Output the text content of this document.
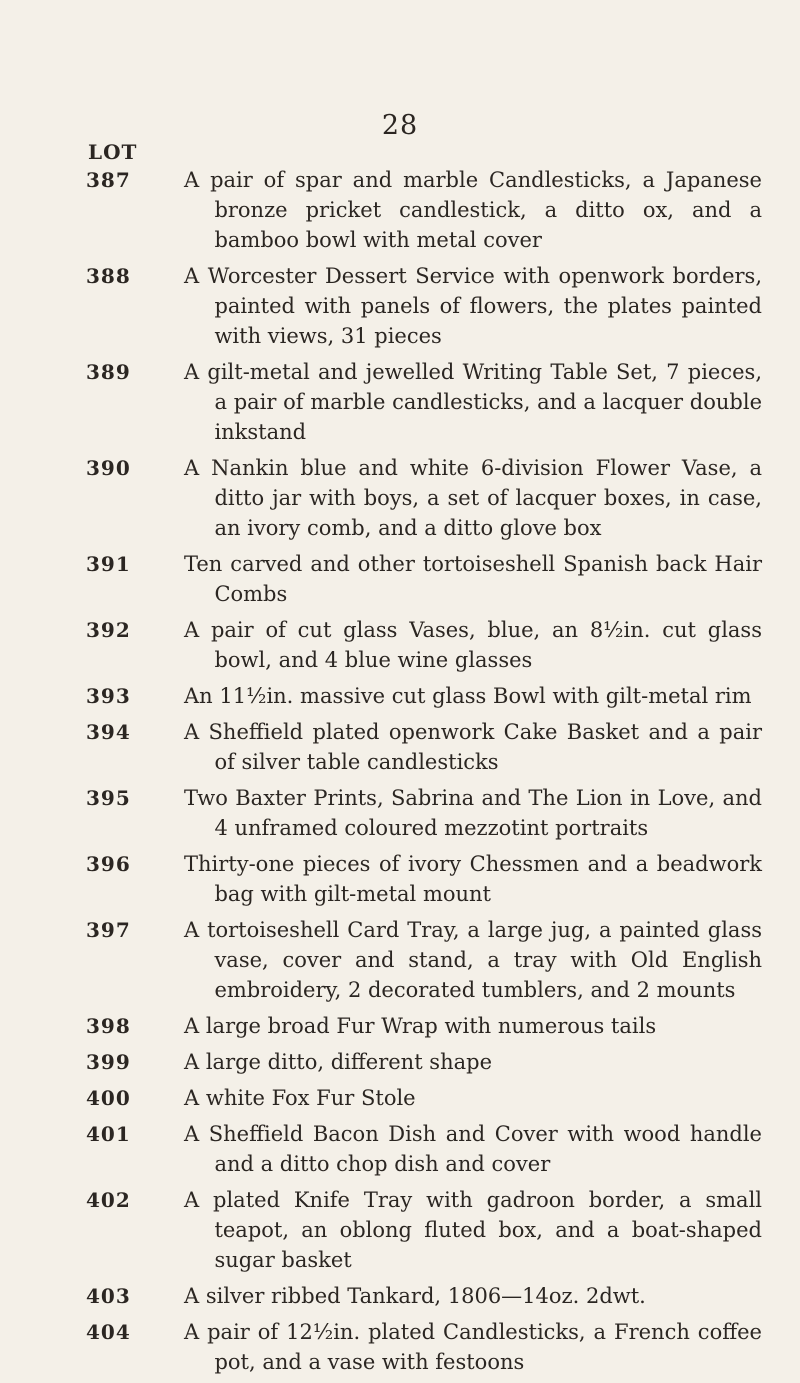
28
LOT
387	A pair of spar and marble Candlesticks, a Japanese bronze pricket candlestick, a ditto ox, and a bamboo bowl with metal cover
388	A Worcester Dessert Service with openwork borders, painted with panels of flowers, the plates painted with views, 31 pieces
389	A gilt-metal and jewelled Writing Table Set, 7 pieces, a pair of marble candlesticks, and a lacquer double inkstand
390	A Nankin blue and white 6-division Flower Vase, a ditto jar with boys, a set of lacquer boxes, in case, an ivory comb, and a ditto glove box
391	Ten carved and other tortoiseshell Spanish back Hair Combs
392	A pair of cut glass Vases, blue, an 8½in. cut glass bowl, and 4 blue wine glasses
393	An 11½in. massive cut glass Bowl with gilt-metal rim
394	A Sheffield plated openwork Cake Basket and a pair of silver table candlesticks
395	Two Baxter Prints, Sabrina and The Lion in Love, and 4 unframed coloured mezzotint portraits
396	Thirty-one pieces of ivory Chessmen and a beadwork bag with gilt-metal mount
397	A tortoiseshell Card Tray, a large jug, a painted glass vase, cover and stand, a tray with Old English embroidery, 2 decorated tumblers, and 2 mounts
398	A large broad Fur Wrap with numerous tails
399	A large ditto, different shape
400	A white Fox Fur Stole
401	A Sheffield Bacon Dish and Cover with wood handle and a ditto chop dish and cover
402	A plated Knife Tray with gadroon border, a small teapot, an oblong fluted box, and a boat-shaped sugar basket
403	A silver ribbed Tankard, 1806—14oz. 2dwt.
404	A pair of 12½in. plated Candlesticks, a French coffee pot, and a vase with festoons
